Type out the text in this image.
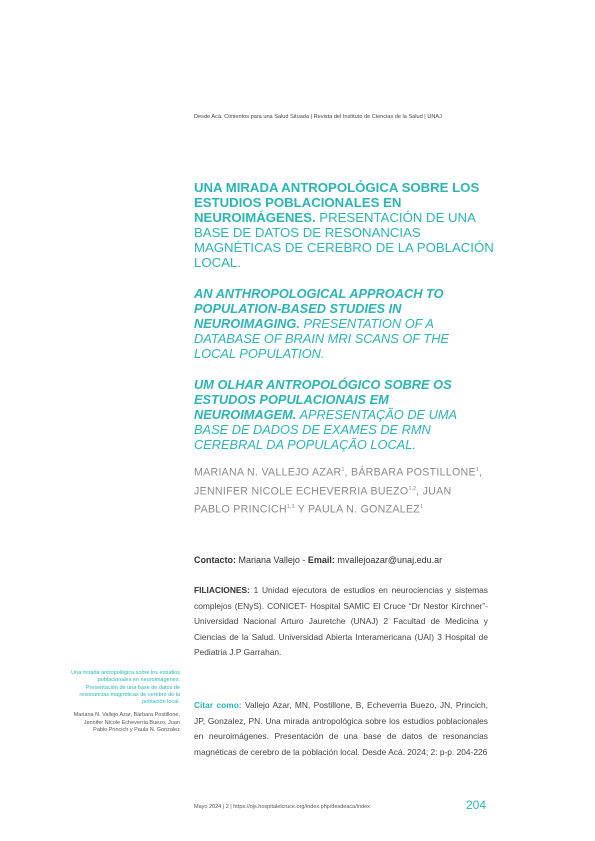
Desde Acá. Cimientos para una Salud Situada | Revista del Instituto de Ciencias de la Salud | UNAJ
UNA MIRADA ANTROPOLÓGICA SOBRE LOS ESTUDIOS POBLACIONALES EN NEUROIMÁGENES. PRESENTACIÓN DE UNA BASE DE DATOS DE RESONANCIAS MAGNÉTICAS DE CEREBRO DE LA POBLACIÓN LOCAL.
AN ANTHROPOLOGICAL APPROACH TO POPULATION-BASED STUDIES IN NEUROIMAGING. PRESENTATION OF A DATABASE OF BRAIN MRI SCANS OF THE LOCAL POPULATION.
UM OLHAR ANTROPOLÓGICO SOBRE OS ESTUDOS POPULACIONAIS EM NEUROIMAGEM. APRESENTAÇÃO DE UMA BASE DE DADOS DE EXAMES DE RMN CEREBRAL DA POPULAÇÃO LOCAL.
MARIANA N. VALLEJO AZAR$^1$, BÁRBARA POSTILLONE$^1$, JENNIFER NICOLE ECHEVERRIA BUEZO$^{1,2}$, JUAN PABLO PRINCICH$^{1,3}$ Y PAULA N. GONZALEZ$^1$
Contacto: Mariana Vallejo - Email: mvallejoazar@unaj.edu.ar
FILIACIONES: 1 Unidad ejecutora de estudios en neurociencias y sistemas complejos (ENyS). CONICET- Hospital SAMIC El Cruce “Dr Nestor Kirchner”- Universidad Nacional Arturo Jauretche (UNAJ) 2 Facultad de Medicina y Ciencias de la Salud. Universidad Abierta Interamericana (UAI) 3 Hospital de Pediatria J.P Garrahan.
Una mirada antropológica sobre los estudios poblacionales en neuroimágenes. Presentación de una base de datos de resonancias magnéticas de cerebro de la población local.
Mariana N. Vallejo Azar, Bárbara Postillone, Jennifer Nicole Echeverria Buezo, Juan Pablo Princich y Paula N. Gonzalez
Citar como: Vallejo Azar, MN, Postillone, B, Echeverria Buezo, JN, Princich, JP, Gonzalez, PN. Una mirada antropológica sobre los estudios poblacionales en neuroimágenes. Presentación de una base de datos de resonancias magnéticas de cerebro de la población local. Desde Acá. 2024; 2: p-p. 204-226
Mayo 2024 | 2 | https://ojs.hospitalelcruce.org/index.php/desdeaca/index	204
